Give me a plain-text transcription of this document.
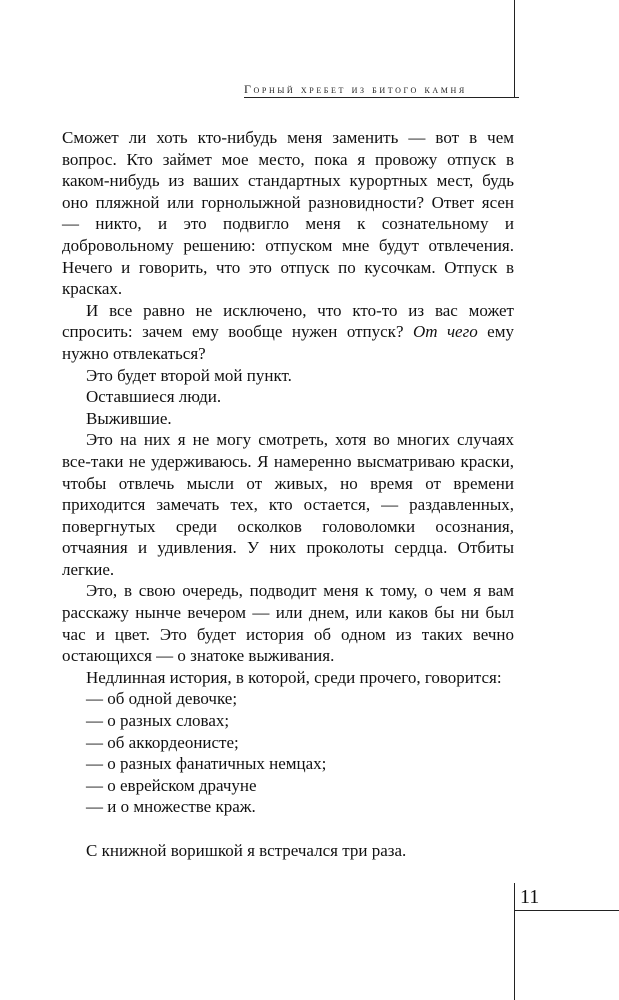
Горный хребет из битого камня

Сможет ли хоть кто-нибудь меня заменить — вот в чем вопрос. Кто займет мое место, пока я провожу отпуск в каком-нибудь из ваших стандартных курортных мест, будь оно пляжной или горнолыжной разновидности? Ответ ясен — никто, и это подвигло меня к сознательному и добровольному решению: отпуском мне будут отвлечения. Нечего и говорить, что это отпуск по кусочкам. Отпуск в красках.

И все равно не исключено, что кто-то из вас может спросить: зачем ему вообще нужен отпуск? От чего ему нужно отвлекаться?

Это будет второй мой пункт.

Оставшиеся люди.

Выжившие.

Это на них я не могу смотреть, хотя во многих случаях все-таки не удерживаюсь. Я намеренно высматриваю краски, чтобы отвлечь мысли от живых, но время от времени приходится замечать тех, кто остается, — раздавленных, повергнутых среди осколков головоломки осознания, отчаяния и удивления. У них проколоты сердца. Отбиты легкие.

Это, в свою очередь, подводит меня к тому, о чем я вам расскажу нынче вечером — или днем, или каков бы ни был час и цвет. Это будет история об одном из таких вечно остающихся — о знатоке выживания.

Недлинная история, в которой, среди прочего, говорится:

— об одной девочке;

— о разных словах;

— об аккордеонисте;

— о разных фанатичных немцах;

— о еврейском драчуне

— и о множестве краж.

С книжной воришкой я встречался три раза.

11
